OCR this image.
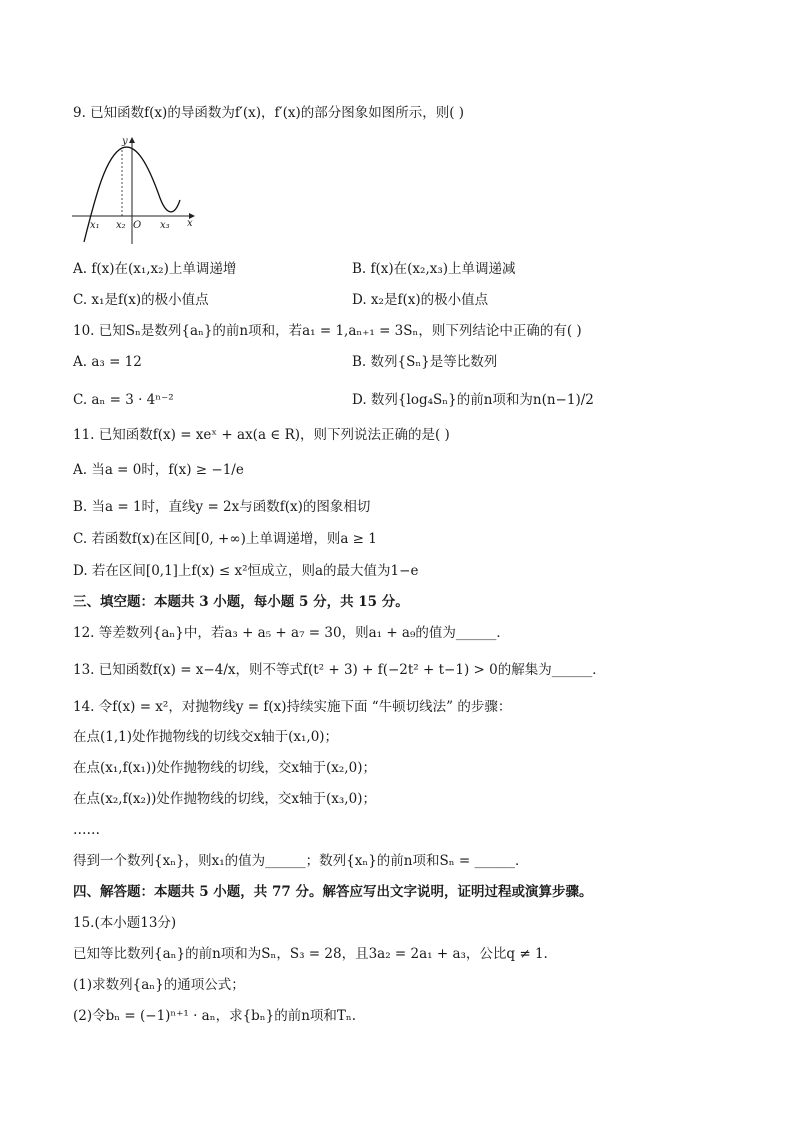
9. 已知函数f(x)的导函数为f′(x)，f′(x)的部分图象如图所示，则( )
y
x
x₁ x₂ O x₃
A. f(x)在(x₁,x₂)上单调递增	B. f(x)在(x₂,x₃)上单调递减
C. x₁是f(x)的极小值点	D. x₂是f(x)的极小值点
10. 已知Sₙ是数列{aₙ}的前n项和，若a₁ = 1,aₙ₊₁ = 3Sₙ，则下列结论中正确的有( )
A. a₃ = 12	B. 数列{Sₙ}是等比数列
C. aₙ = 3 · 4ⁿ⁻²	D. 数列{log₄Sₙ}的前n项和为n(n−1)/2
11. 已知函数f(x) = xeˣ + ax(a ∈ R)，则下列说法正确的是( )
A. 当a = 0时，f(x) ≥ −1/e
B. 当a = 1时，直线y = 2x与函数f(x)的图象相切
C. 若函数f(x)在区间[0, +∞)上单调递增，则a ≥ 1
D. 若在区间[0,1]上f(x) ≤ x²恒成立，则a的最大值为1−e
三、填空题：本题共 3 小题，每小题 5 分，共 15 分。
12. 等差数列{aₙ}中，若a₃ + a₅ + a₇ = 30，则a₁ + a₉的值为______．
13. 已知函数f(x) = x−4/x，则不等式f(t² + 3) + f(−2t² + t−1) > 0的解集为______．
14. 令f(x) = x²，对抛物线y = f(x)持续实施下面 “牛顿切线法” 的步骤：
在点(1,1)处作抛物线的切线交x轴于(x₁,0)；
在点(x₁,f(x₁))处作抛物线的切线，交x轴于(x₂,0)；
在点(x₂,f(x₂))处作抛物线的切线，交x轴于(x₃,0)；
……
得到一个数列{xₙ}，则x₁的值为______；数列{xₙ}的前n项和Sₙ = ______．
四、解答题：本题共 5 小题，共 77 分。解答应写出文字说明，证明过程或演算步骤。
15.(本小题13分)
已知等比数列{aₙ}的前n项和为Sₙ，S₃ = 28，且3a₂ = 2a₁ + a₃，公比q ≠ 1.
(1)求数列{aₙ}的通项公式；
(2)令bₙ = (−1)ⁿ⁺¹ · aₙ，求{bₙ}的前n项和Tₙ.
